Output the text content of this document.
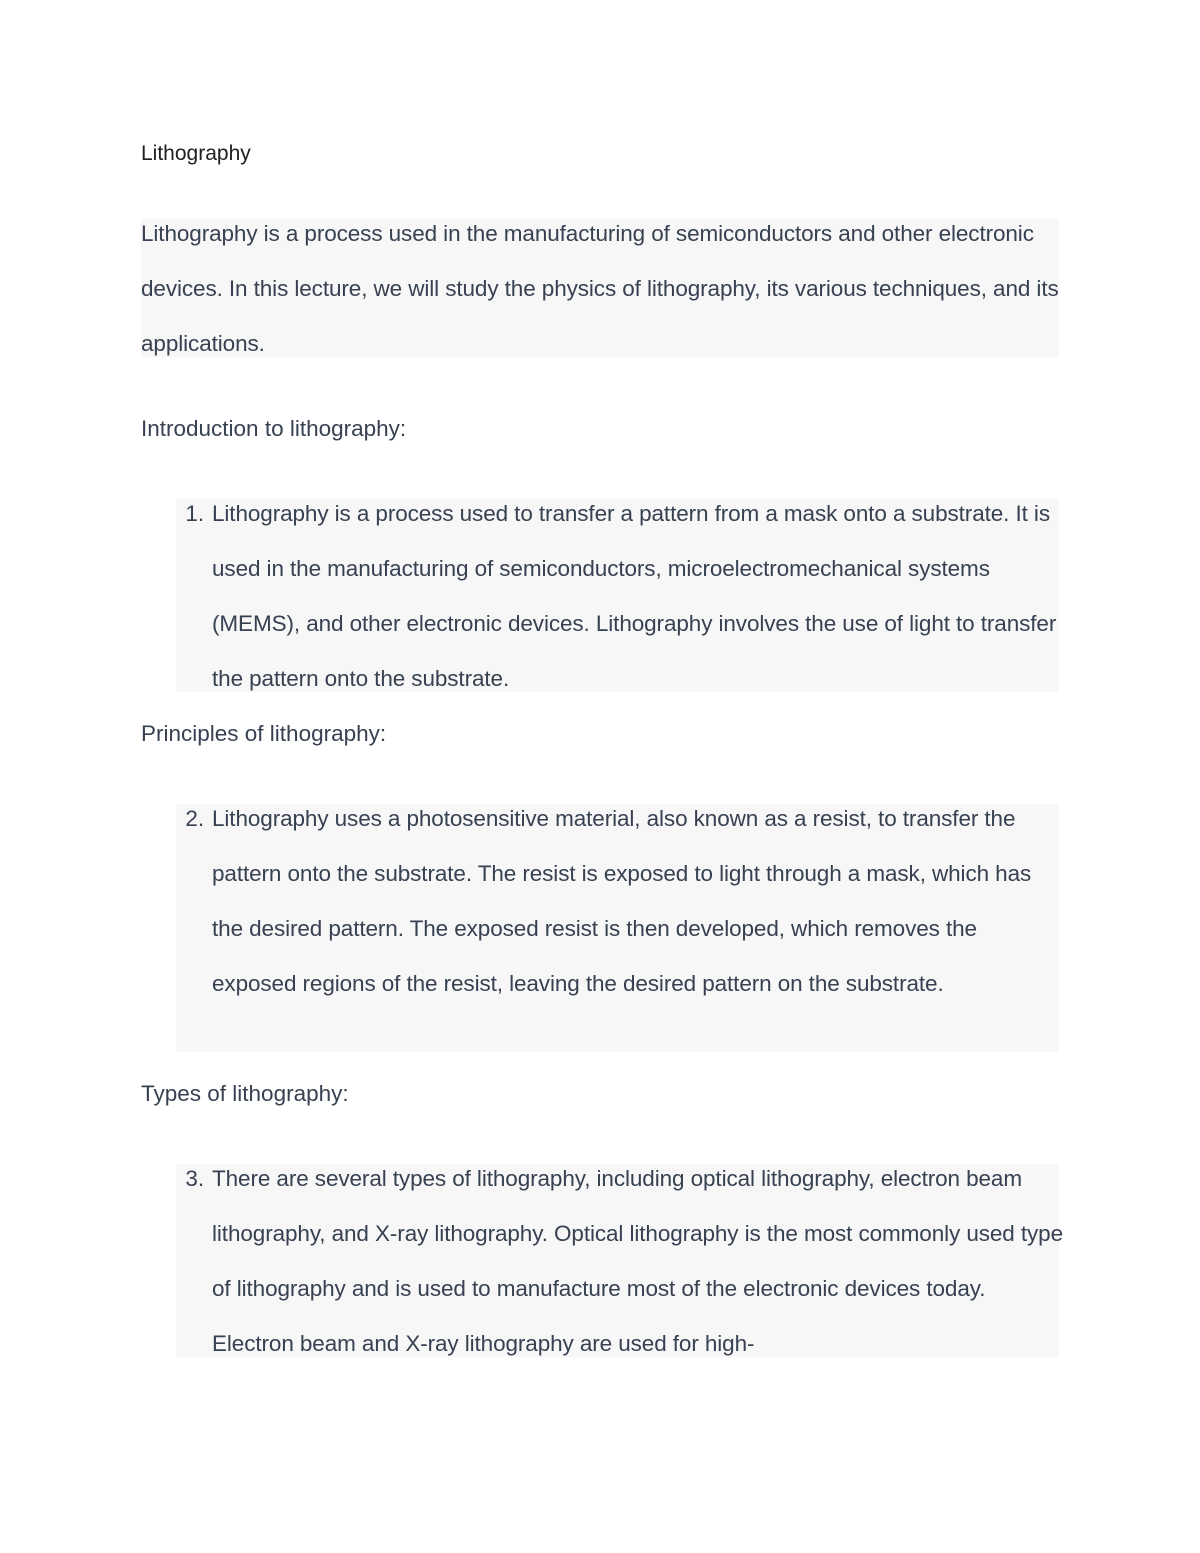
Lithography

Lithography is a process used in the manufacturing of semiconductors and other electronic devices. In this lecture, we will study the physics of lithography, its various techniques, and its applications.

Introduction to lithography:
1. Lithography is a process used to transfer a pattern from a mask onto a substrate. It is used in the manufacturing of semiconductors, microelectromechanical systems (MEMS), and other electronic devices. Lithography involves the use of light to transfer the pattern onto the substrate.
Principles of lithography:
2. Lithography uses a photosensitive material, also known as a resist, to transfer the pattern onto the substrate. The resist is exposed to light through a mask, which has the desired pattern. The exposed resist is then developed, which removes the exposed regions of the resist, leaving the desired pattern on the substrate.
Types of lithography:
3. There are several types of lithography, including optical lithography, electron beam lithography, and X-ray lithography. Optical lithography is the most commonly used type of lithography and is used to manufacture most of the electronic devices today. Electron beam and X-ray lithography are used for high-
